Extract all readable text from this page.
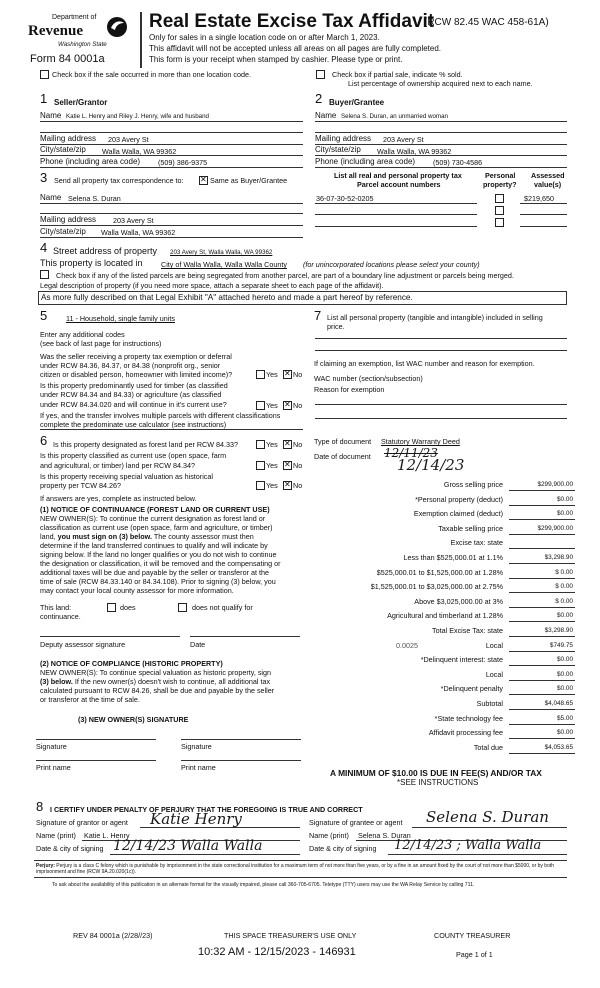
Department of
Revenue
Washington State
Form 84 0001a
Real Estate Excise Tax Affidavit
(RCW 82.45 WAC 458-61A)
Only for sales in a single location code on or after March 1, 2023.
This affidavit will not be accepted unless all areas on all pages are fully completed.
This form is your receipt when stamped by cashier. Please type or print.
Check box if the sale occurred in more than one location code.	Check box if partial sale, indicate % sold.
List percentage of ownership acquired next to each name.
1 Seller/Grantor
Name Katie L. Henry and Riley J. Henry, wife and husband
Mailing address 203 Avery St
City/state/zip Walla Walla, WA 99362
Phone (including area code) (509) 386-9375
2 Buyer/Grantee
Name Selena S. Duran, an unmarried woman
Mailing address 203 Avery St
City/state/zip Walla Walla, WA 99362
Phone (including area code) (509) 730-4586
3 Send all property tax correspondence to: ✕	Same as Buyer/Grantee
Name Selena S. Duran
Mailing address 203 Avery St
City/state/zip Walla Walla, WA 99362
List all real and personal property tax
Parcel account numbers
Personal
property?
Assessed
value(s)
36-07-30-52-0205	$219,650
4 Street address of property 203 Avery St, Walla Walla, WA 99362
This property is located in	City of Walla Walla, Walla Walla County (for unincorporated locations please select your county)
Check box if any of the listed parcels are being segregated from another parcel, are part of a boundary line adjustment or parcels being merged.
Legal description of property (if you need more space, attach a separate sheet to each page of the affidavit).
As more fully described on that Legal Exhibit "A" attached hereto and made a part hereof by reference.
5	11 - Household, single family units
Enter any additional codes
(see back of last page for instructions)
Was the seller receiving a property tax exemption or deferral
under RCW 84.36, 84.37, or 84.38 (nonprofit org., senior
citizen or disabled person, homeowner with limited income)?	Yes ✕ No
Is this property predominantly used for timber (as classified
under RCW 84.34 and 84.33) or agriculture (as classified
under RCW 84.34.020 and will continue in it's current use?	Yes ✕ No
If yes, and the transfer involves multiple parcels with different classifications
complete the predominate use calculator (see instructions)
7 List all personal property (tangible and intangible) included in selling
price.
If claiming an exemption, list WAC number and reason for exemption.
WAC number (section/subsection)
Reason for exemption
6 Is this property designated as forest land per RCW 84.33?	Yes ✕ No
Is this property classified as current use (open space, farm
and agricultural, or timber) land per RCW 84.34?	Yes ✕ No
Is this property receiving special valuation as historical
property per TCW 84.26?	Yes ✕ No
If answers are yes, complete as instructed below.
(1) NOTICE OF CONTINUANCE (FOREST LAND OR CURRENT USE)
NEW OWNER(S): To continue the current designation as forest land or
classification as current use (open space, farm and agriculture, or timber)
land, you must sign on (3) below. The county assessor must then
determine if the land transferred continues to qualify and will indicate by
signing below. If the land no longer qualifies or you do not wish to continue
the designation or classification, it will be removed and the compensating or
additional taxes will be due and payable by the seller or transferor at the
time of sale (RCW 84.33.140 or 84.34.108). Prior to signing (3) below, you
may contact your local county assessor for more information.
This land:	does	does not qualify for
continuance.
Deputy assessor signature	Date
(2) NOTICE OF COMPLIANCE (HISTORIC PROPERTY)
NEW OWNER(S): To continue special valuation as historic property, sign
(3) below. If the new owner(s) doesn't wish to continue, all additional tax
calculated pursuant to RCW 84.26, shall be due and payable by the seller
or transferor at the time of sale.
(3) NEW OWNER(S) SIGNATURE
Signature	Signature
Print name	Print name
Type of document Statutory Warranty Deed
Date of document 12/11/23
12/14/23
Gross selling price	$299,900.00
*Personal property (deduct)	$0.00
Exemption claimed (deduct)	$0.00
Taxable selling price	$299,900.00
Excise tax: state
Less than $525,000.01 at 1.1%	$3,298.90
$525,000.01 to $1,525,000.00 at 1.28%	$ 0.00
$1,525,000.01 to $3,025,000.00 at 2.75%	$ 0.00
Above $3,025,000.00 at 3%	$ 0.00
Agricultural and timberland at 1.28%	$0.00
Total Excise Tax: state	$3,298.90
Local
0.0025	$749.75
*Delinquent interest: state	$0.00
Local	$0.00
*Delinquent penalty	$0.00
Subtotal	$4,048.65
*State technology fee	$5.00
Affidavit processing fee	$0.00
Total due	$4,053.65
A MINIMUM OF $10.00 IS DUE IN FEE(S) AND/OR TAX
*SEE INSTRUCTIONS
8 I CERTIFY UNDER PENALTY OF PERJURY THAT THE FOREGOING IS TRUE AND CORRECT
Signature of grantor or agent Katie Henry
Name (print) Katie L. Henry
Date & city of signing 12/14/23 Walla Walla
Signature of grantee or agent Selena S. Duran
Name (print) Selena S. Duran
Date & city of signing 12/14/23 ; Walla Walla
Perjury: Perjury is a class C felony which is punishable by imprisonment in the state correctional institution for a maximum term of not more than five years, or by a fine in an amount fixed by the court of not more than $5000, or by both imprisonment and fine (RCW 9A.20.020(1c)).
To ask about the availability of this publication in an alternate format for the visually impaired, please call 360-705-6705. Teletype (TTY) users may use the WA Relay Service by calling 711.
REV 84 0001a (2/28//23)	THIS SPACE TREASURER'S USE ONLY	COUNTY TREASURER
10:32 AM - 12/15/2023 - 146931	Page 1 of 1
